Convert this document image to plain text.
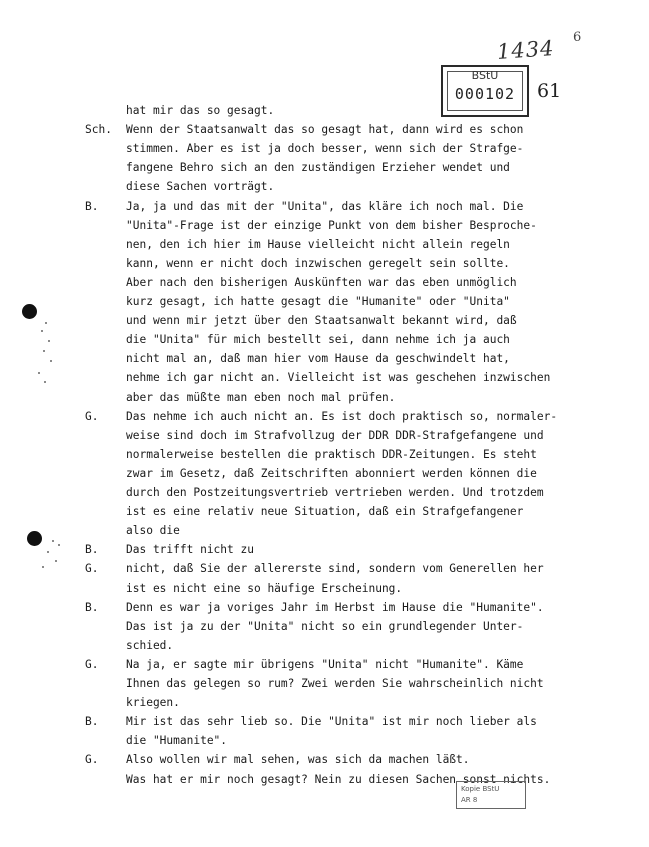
1434 6
BStU
000102	61
hat mir das so gesagt.
Sch. Wenn der Staatsanwalt das so gesagt hat, dann wird es schon
stimmen. Aber es ist ja doch besser, wenn sich der Strafge-
fangene Behro sich an den zuständigen Erzieher wendet und
diese Sachen vorträgt.
B. Ja, ja und das mit der "Unita", das kläre ich noch mal. Die
"Unita"-Frage ist der einzige Punkt von dem bisher Besproche-
nen, den ich hier im Hause vielleicht nicht allein regeln
kann, wenn er nicht doch inzwischen geregelt sein sollte.
Aber nach den bisherigen Auskünften war das eben unmöglich
kurz gesagt, ich hatte gesagt die "Humanite" oder "Unita"
und wenn mir jetzt über den Staatsanwalt bekannt wird, daß
die "Unita" für mich bestellt sei, dann nehme ich ja auch
nicht mal an, daß man hier vom Hause da geschwindelt hat,
nehme ich gar nicht an. Vielleicht ist was geschehen inzwischen
aber das müßte man eben noch mal prüfen.
G. Das nehme ich auch nicht an. Es ist doch praktisch so, normaler-
weise sind doch im Strafvollzug der DDR DDR-Strafgefangene und
normalerweise bestellen die praktisch DDR-Zeitungen. Es steht
zwar im Gesetz, daß Zeitschriften abonniert werden können die
durch den Postzeitungsvertrieb vertrieben werden. Und trotzdem
ist es eine relativ neue Situation, daß ein Strafgefangener
also die
B. Das trifft nicht zu
G. nicht, daß Sie der allererste sind, sondern vom Generellen her
ist es nicht eine so häufige Erscheinung.
B. Denn es war ja voriges Jahr im Herbst im Hause die "Humanite".
Das ist ja zu der "Unita" nicht so ein grundlegender Unter-
schied.
G. Na ja, er sagte mir übrigens "Unita" nicht "Humanite". Käme
Ihnen das gelegen so rum? Zwei werden Sie wahrscheinlich nicht
kriegen.
B. Mir ist das sehr lieb so. Die "Unita" ist mir noch lieber als
die "Humanite".
G. Also wollen wir mal sehen, was sich da machen läßt.
Was hat er mir noch gesagt? Nein zu diesen Sachen sonst nichts.
Kopie BStU
AR 8
